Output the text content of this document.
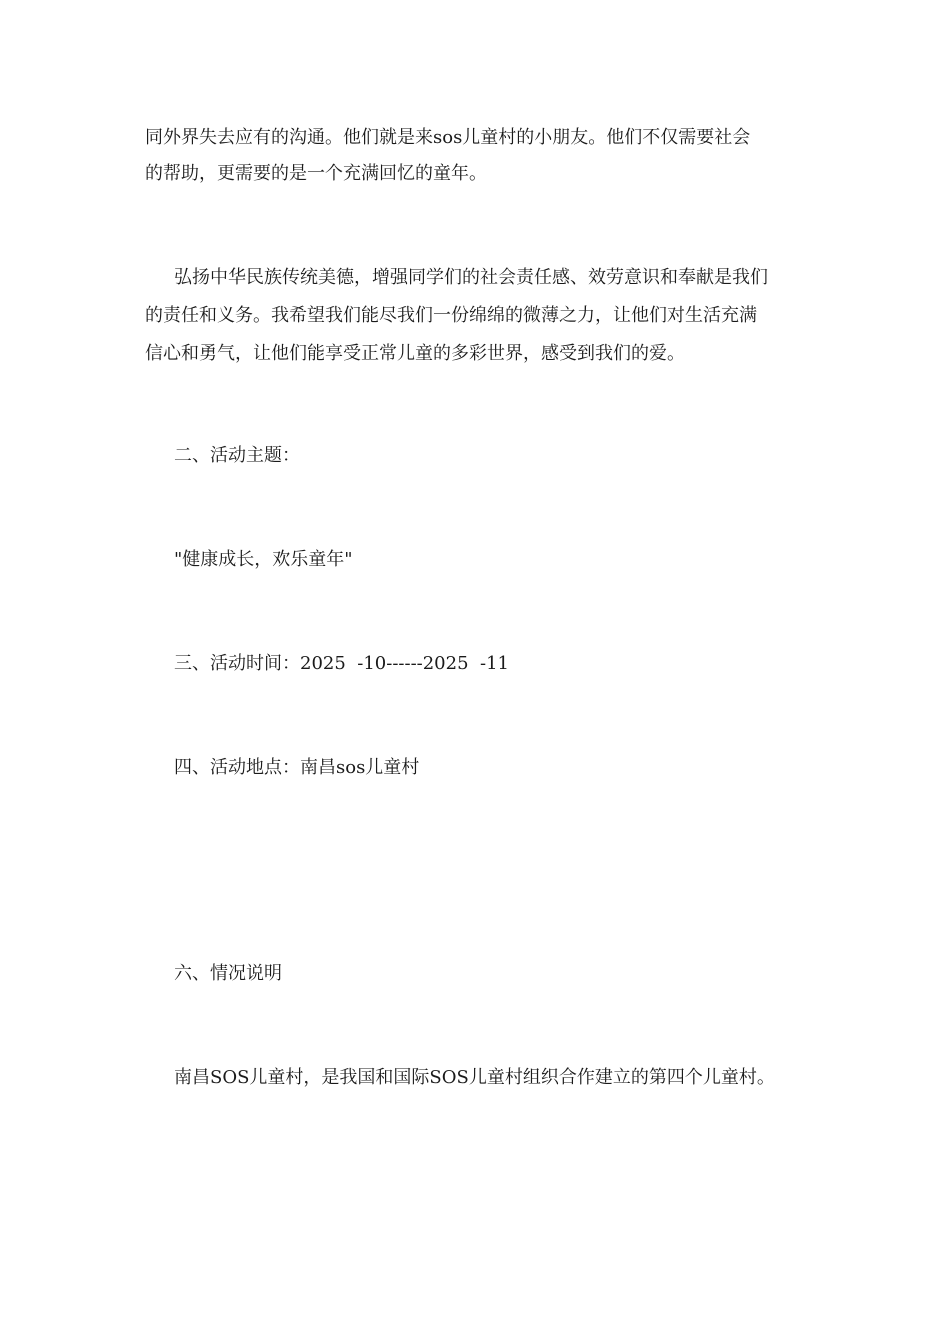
同外界失去应有的沟通。他们就是来sos儿童村的小朋友。他们不仅需要社会

的帮助，更需要的是一个充满回忆的童年。

弘扬中华民族传统美德，增强同学们的社会责任感、效劳意识和奉献是我们

的责任和义务。我希望我们能尽我们一份绵绵的微薄之力，让他们对生活充满

信心和勇气，让他们能享受正常儿童的多彩世界，感受到我们的爱。

二、活动主题：

"健康成长，欢乐童年"

三、活动时间：2025  -10------2025  -11

四、活动地点：南昌sos儿童村

六、情况说明

南昌SOS儿童村，是我国和国际SOS儿童村组织合作建立的第四个儿童村。
